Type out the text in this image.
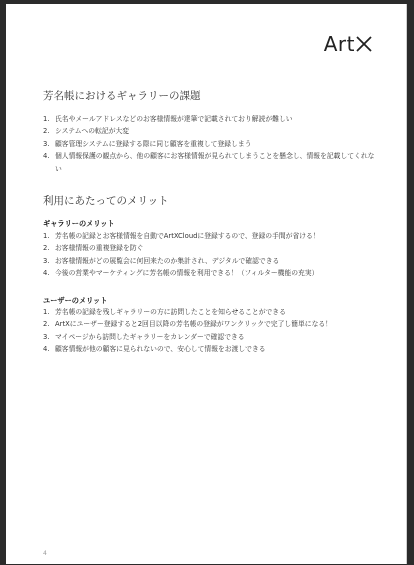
Art
芳名帳におけるギャラリーの課題
1. 氏名やメールアドレスなどのお客様情報が達筆で記載されており解読が難しい
2. システムへの転記が大変
3. 顧客管理システムに登録する際に同じ顧客を重複して登録しまう
4. 個人情報保護の観点から、他の顧客にお客様情報が見られてしまうことを懸念し、情報を記載してくれない
利用にあたってのメリット
ギャラリーのメリット
1. 芳名帳の記録とお客様情報を自動でArtXCloudに登録するので、登録の手間が省ける！
2. お客様情報の重複登録を防ぐ
3. お客様情報がどの展覧会に何回来たのか集計され、デジタルで確認できる
4. 今後の営業やマーケティングに芳名帳の情報を利用できる！（フィルター機能の充実）
ユーザーのメリット
1. 芳名帳の記録を残しギャラリーの方に訪問したことを知らせることができる
2. ArtXにユーザー登録すると2回目以降の芳名帳の登録がワンクリックで完了し簡単になる！
3. マイページから訪問したギャラリーをカレンダーで確認できる
4. 顧客情報が他の顧客に見られないので、安心して情報をお渡しできる
4
